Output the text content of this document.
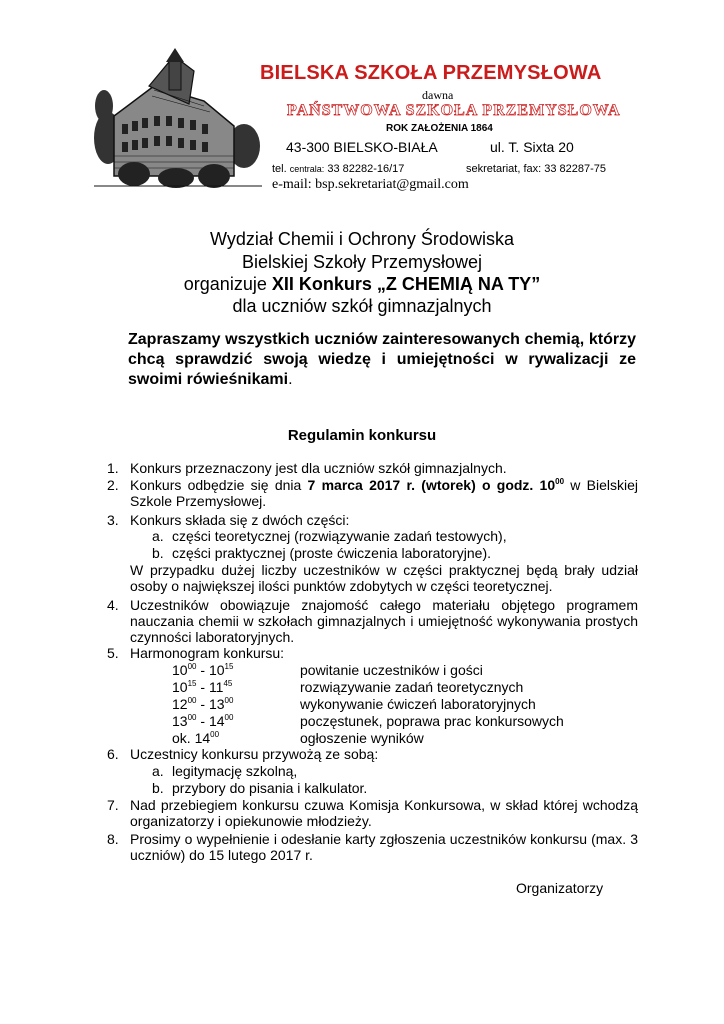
BIELSKA SZKOŁA PRZEMYSŁOWA
dawna
PAŃSTWOWA SZKOŁA PRZEMYSŁOWA
ROK ZAŁOŻENIA 1864
43-300 BIELSKO-BIAŁA	ul. T. Sixta 20
tel. centrala: 33 82282-16/17	sekretariat, fax: 33 82287-75
e-mail: bsp.sekretariat@gmail.com
Wydział Chemii i Ochrony Środowiska
Bielskiej Szkoły Przemysłowej
organizuje XII Konkurs „Z CHEMIĄ NA TY”
dla uczniów szkół gimnazjalnych
Zapraszamy wszystkich uczniów zainteresowanych chemią, którzy chcą sprawdzić swoją wiedzę i umiejętności w rywalizacji ze swoimi rówieśnikami.
Regulamin konkursu
1. Konkurs przeznaczony jest dla uczniów szkół gimnazjalnych.
2. Konkurs odbędzie się dnia 7 marca 2017 r. (wtorek) o godz. $10^{00}$ w Bielskiej Szkole Przemysłowej.
3. Konkurs składa się z dwóch części:
a. części teoretycznej (rozwiązywanie zadań testowych),
b. części praktycznej (proste ćwiczenia laboratoryjne).
W przypadku dużej liczby uczestników w części praktycznej będą brały udział osoby o największej ilości punktów zdobytych w części teoretycznej.
4. Uczestników obowiązuje znajomość całego materiału objętego programem nauczania chemii w szkołach gimnazjalnych i umiejętność wykonywania prostych czynności laboratoryjnych.
5. Harmonogram konkursu:
$10^{00} - 10^{15}$	powitanie uczestników i gości
$10^{15} - 11^{45}$	rozwiązywanie zadań teoretycznych
$12^{00} - 13^{00}$	wykonywanie ćwiczeń laboratoryjnych
$13^{00} - 14^{00}$	poczęstunek, poprawa prac konkursowych
ok. $14^{00}$	ogłoszenie wyników
6. Uczestnicy konkursu przywożą ze sobą:
a. legitymację szkolną,
b. przybory do pisania i kalkulator.
7. Nad przebiegiem konkursu czuwa Komisja Konkursowa, w skład której wchodzą organizatorzy i opiekunowie młodzieży.
8. Prosimy o wypełnienie i odesłanie karty zgłoszenia uczestników konkursu (max. 3 uczniów) do 15 lutego 2017 r.
Organizatorzy
